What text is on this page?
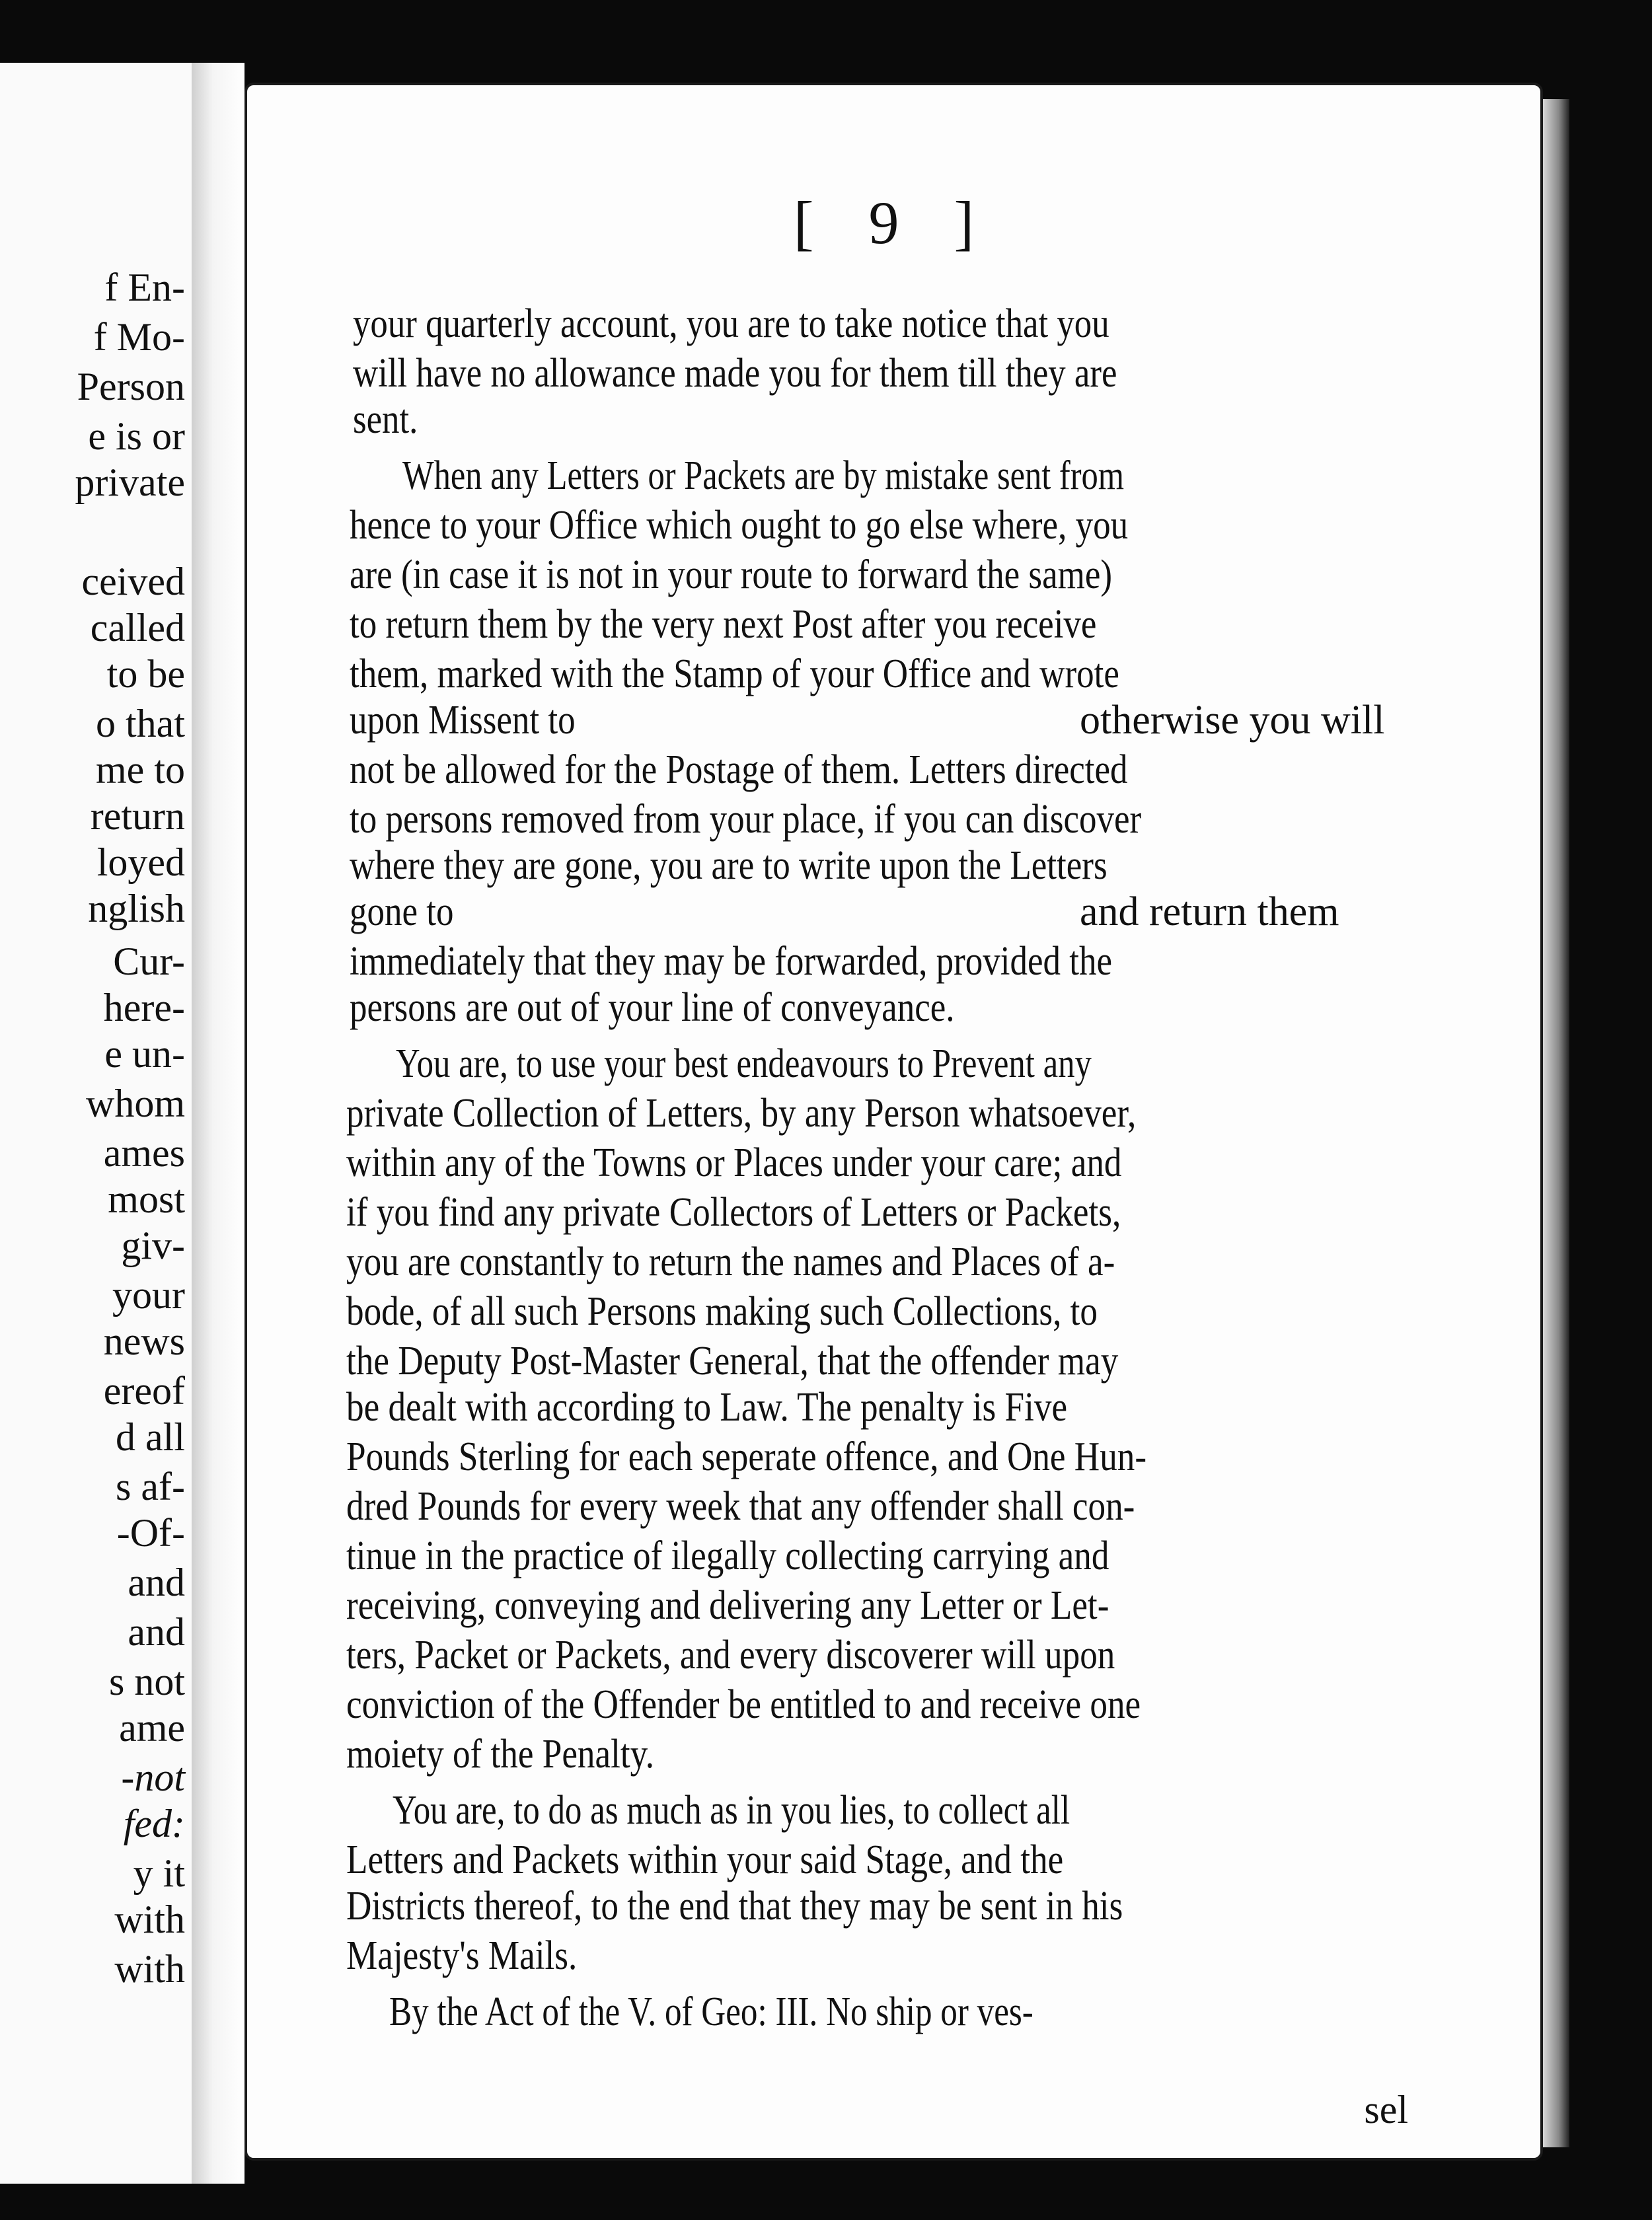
f En-

f Mo-

Person

e is or

private

ceived

called

to be

o that

me to

return

loyed

nglish

Cur-

here-

e un-

whom

ames

most

giv-

your

news

ereof

d all

s af-

-Of-

and

and

s not

ame

-not

fed:

y it

with

with

[ 9 ]

your quarterly account, you are to take notice that you

will have no allowance made you for them till they are

sent.

When any Letters or Packets are by mistake sent from

hence to your Office which ought to go else where, you

are (in case it is not in your route to forward the same)

to return them by the very next Post after you receive

them, marked with the Stamp of your Office and wrote

upon Missent to	otherwise you will

not be allowed for the Postage of them. Letters directed

to persons removed from your place, if you can discover

where they are gone, you are to write upon the Letters

gone to	and return them

immediately that they may be forwarded, provided the

persons are out of your line of conveyance.

You are, to use your best endeavours to Prevent any

private Collection of Letters, by any Person whatsoever,

within any of the Towns or Places under your care; and

if you find any private Collectors of Letters or Packets,

you are constantly to return the names and Places of a-

bode, of all such Persons making such Collections, to

the Deputy Post-Master General, that the offender may

be dealt with according to Law. The penalty is Five

Pounds Sterling for each seperate offence, and One Hun-

dred Pounds for every week that any offender shall con-

tinue in the practice of ilegally collecting carrying and

receiving, conveying and delivering any Letter or Let-

ters, Packet or Packets, and every discoverer will upon

conviction of the Offender be entitled to and receive one

moiety of the Penalty.

You are, to do as much as in you lies, to collect all

Letters and Packets within your said Stage, and the

Districts thereof, to the end that they may be sent in his

Majesty's Mails.

By the Act of the V. of Geo: III. No ship or ves-

sel
